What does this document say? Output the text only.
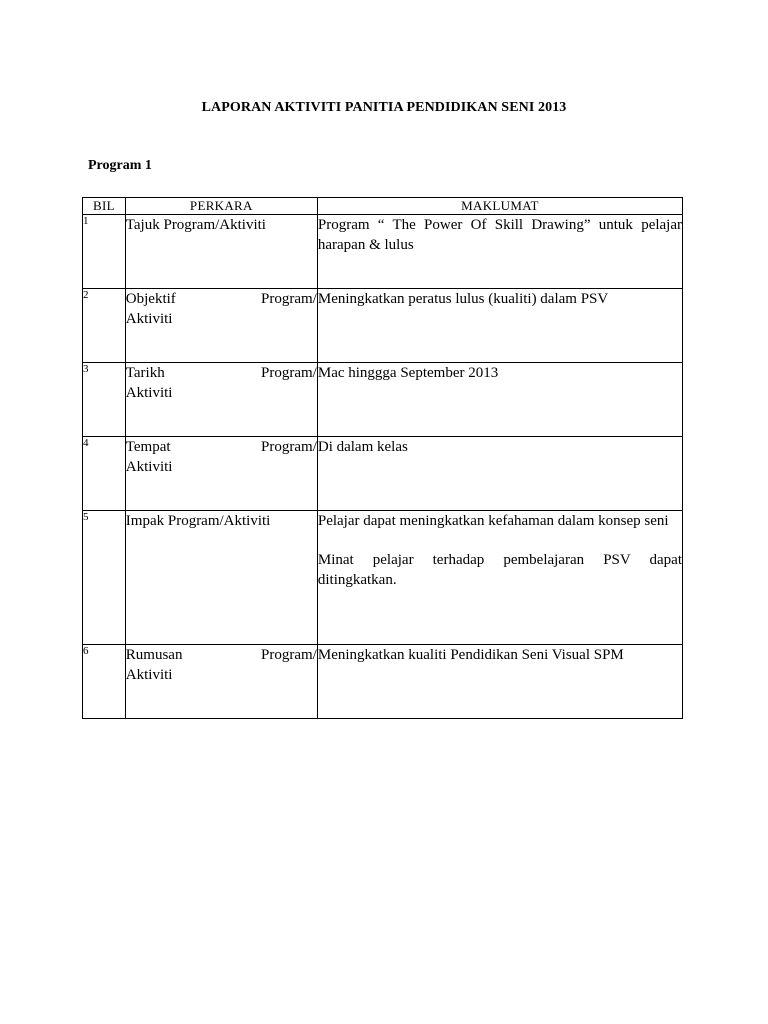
LAPORAN AKTIVITI PANITIA PENDIDIKAN SENI 2013
Program 1
BIL	PERKARA	MAKLUMAT
1	Tajuk Program/Aktiviti	Program “ The Power Of Skill Drawing” untuk pelajar harapan & lulus

2	Objektif Program/
Aktiviti	Meningkatkan peratus lulus (kualiti) dalam PSV

3	Tarikh Program/
Aktiviti	Mac hinggga September 2013

4	Tempat Program/
Aktiviti	Di dalam kelas

5	Impak Program/Aktiviti	Pelajar dapat meningkatkan kefahaman dalam konsep seni

Minat pelajar terhadap pembelajaran PSV dapat ditingkatkan.

6	Rumusan Program/
Aktiviti	Meningkatkan kualiti Pendidikan Seni Visual SPM
